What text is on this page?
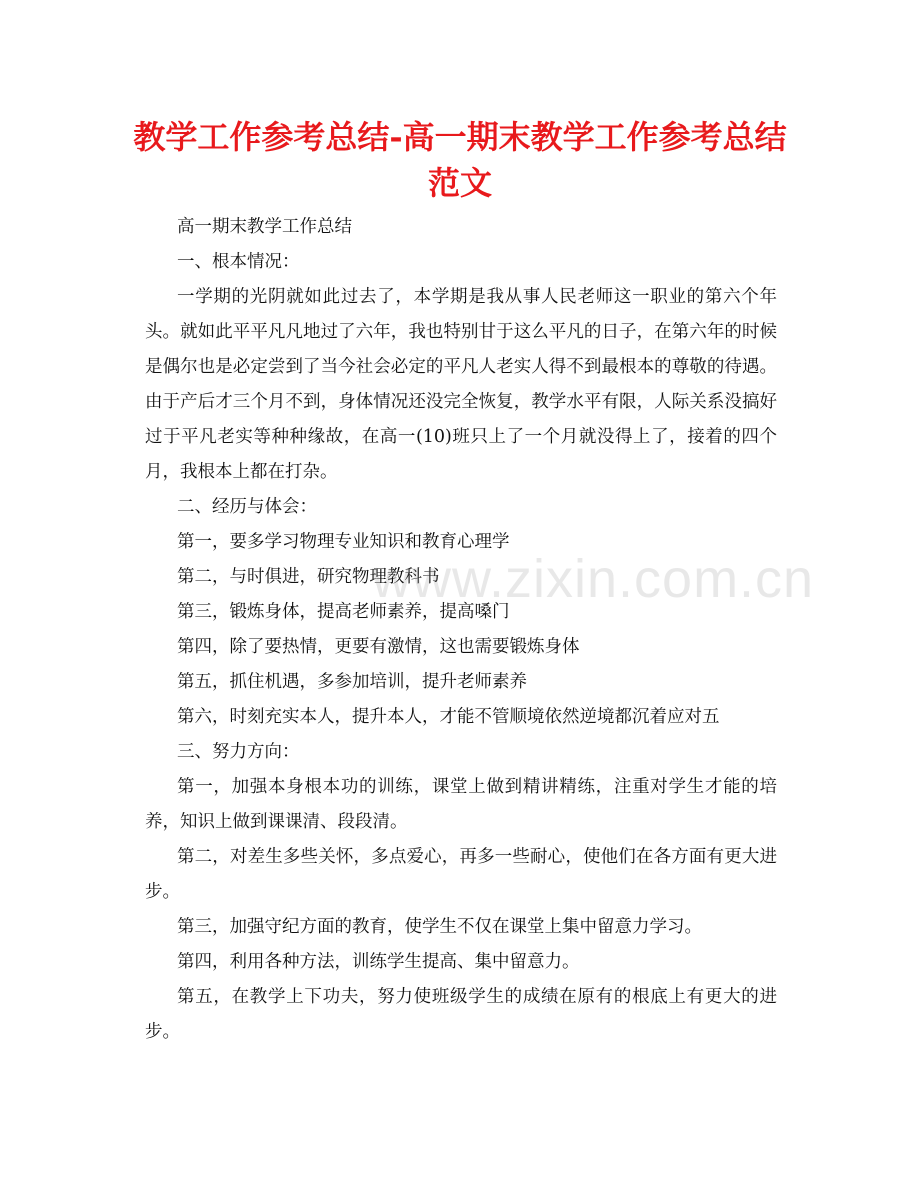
教学工作参考总结-高一期末教学工作参考总结范文

高一期末教学工作总结

一、根本情况：

一学期的光阴就如此过去了，本学期是我从事人民老师这一职业的第六个年头。就如此平平凡凡地过了六年，我也特别甘于这么平凡的日子，在第六年的时候是偶尔也是必定尝到了当今社会必定的平凡人老实人得不到最根本的尊敬的待遇。由于产后才三个月不到，身体情况还没完全恢复，教学水平有限，人际关系没搞好过于平凡老实等种种缘故，在高一(10)班只上了一个月就没得上了，接着的四个月，我根本上都在打杂。

二、经历与体会：

第一，要多学习物理专业知识和教育心理学

第二，与时俱进，研究物理教科书

第三，锻炼身体，提高老师素养，提高嗓门

第四，除了要热情，更要有激情，这也需要锻炼身体

第五，抓住机遇，多参加培训，提升老师素养

第六，时刻充实本人，提升本人，才能不管顺境依然逆境都沉着应对五

三、努力方向：

第一，加强本身根本功的训练，课堂上做到精讲精练，注重对学生才能的培养，知识上做到课课清、段段清。

第二，对差生多些关怀，多点爱心，再多一些耐心，使他们在各方面有更大进步。

第三，加强守纪方面的教育，使学生不仅在课堂上集中留意力学习。

第四，利用各种方法，训练学生提高、集中留意力。

第五，在教学上下功夫，努力使班级学生的成绩在原有的根底上有更大的进步。

www.zixin.com.cn
